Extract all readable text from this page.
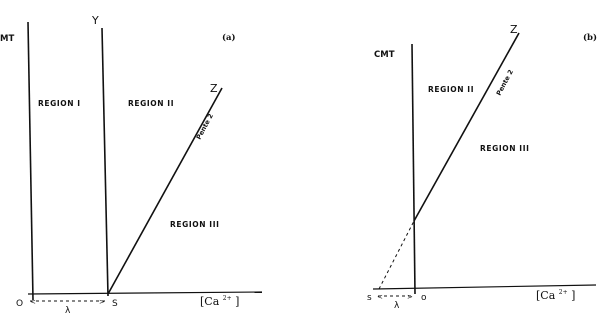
(a)
MT
Y
Z
Pente 2
REGION I	REGION II
REGION III
O <	>
λ
S	[Ca $^{2+}$ ]
(b)
CMT
Z
Pente 2
REGION II
REGION III
s <	>
λ
o	[Ca $^{2+}$ ]
